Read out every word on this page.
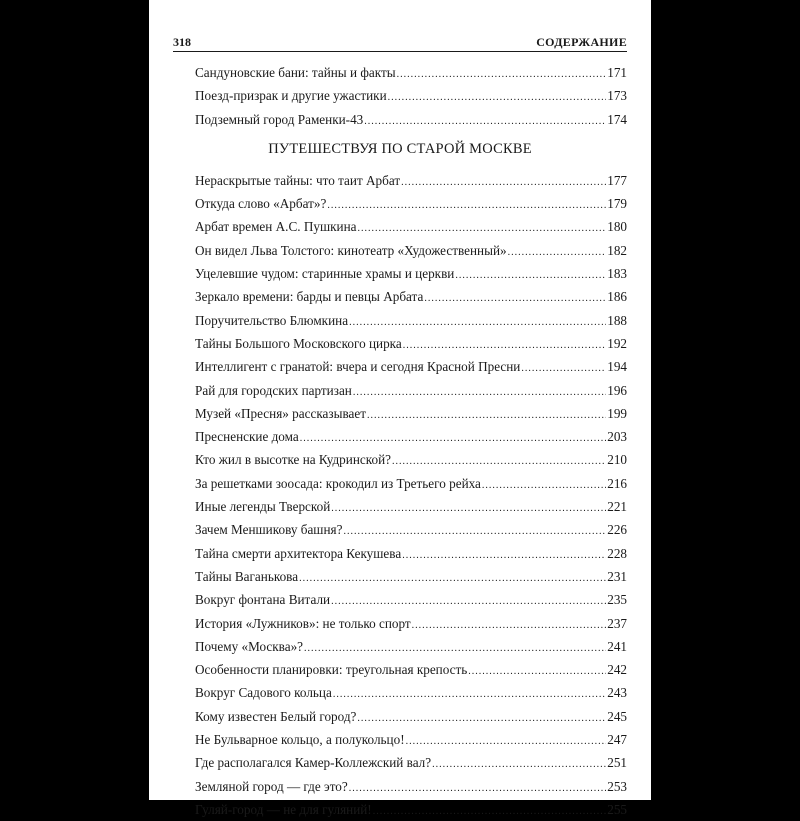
318	СОДЕРЖАНИЕ
Сандуновские бани: тайны и факты .....	171
Поезд-призрак и другие ужастики .....	173
Подземный город Раменки-43 .....	174
ПУТЕШЕСТВУЯ ПО СТАРОЙ МОСКВЕ
Нераскрытые тайны: что таит Арбат .....	177
Откуда слово «Арбат»? .....	179
Арбат времен А.С. Пушкина .....	180
Он видел Льва Толстого: кинотеатр «Художественный» .....	182
Уцелевшие чудом: старинные храмы и церкви .....	183
Зеркало времени: барды и певцы Арбата .....	186
Поручительство Блюмкина .....	188
Тайны Большого Московского цирка .....	192
Интеллигент с гранатой: вчера и сегодня Красной Пресни .....	194
Рай для городских партизан .....	196
Музей «Пресня» рассказывает .....	199
Пресненские дома .....	203
Кто жил в высотке на Кудринской? .....	210
За решетками зоосада: крокодил из Третьего рейха .....	216
Иные легенды Тверской .....	221
Зачем Меншикову башня? .....	226
Тайна смерти архитектора Кекушева .....	228
Тайны Ваганькова .....	231
Вокруг фонтана Витали .....	235
История «Лужников»: не только спорт .....	237
Почему «Москва»? .....	241
Особенности планировки: треугольная крепость .....	242
Вокруг Садового кольца .....	243
Кому известен Белый город? .....	245
Не Бульварное кольцо, а полукольцо! .....	247
Где располагался Камер-Коллежский вал? .....	251
Земляной город — где это? .....	253
Гуляй-город — не для гуляний! .....	255
